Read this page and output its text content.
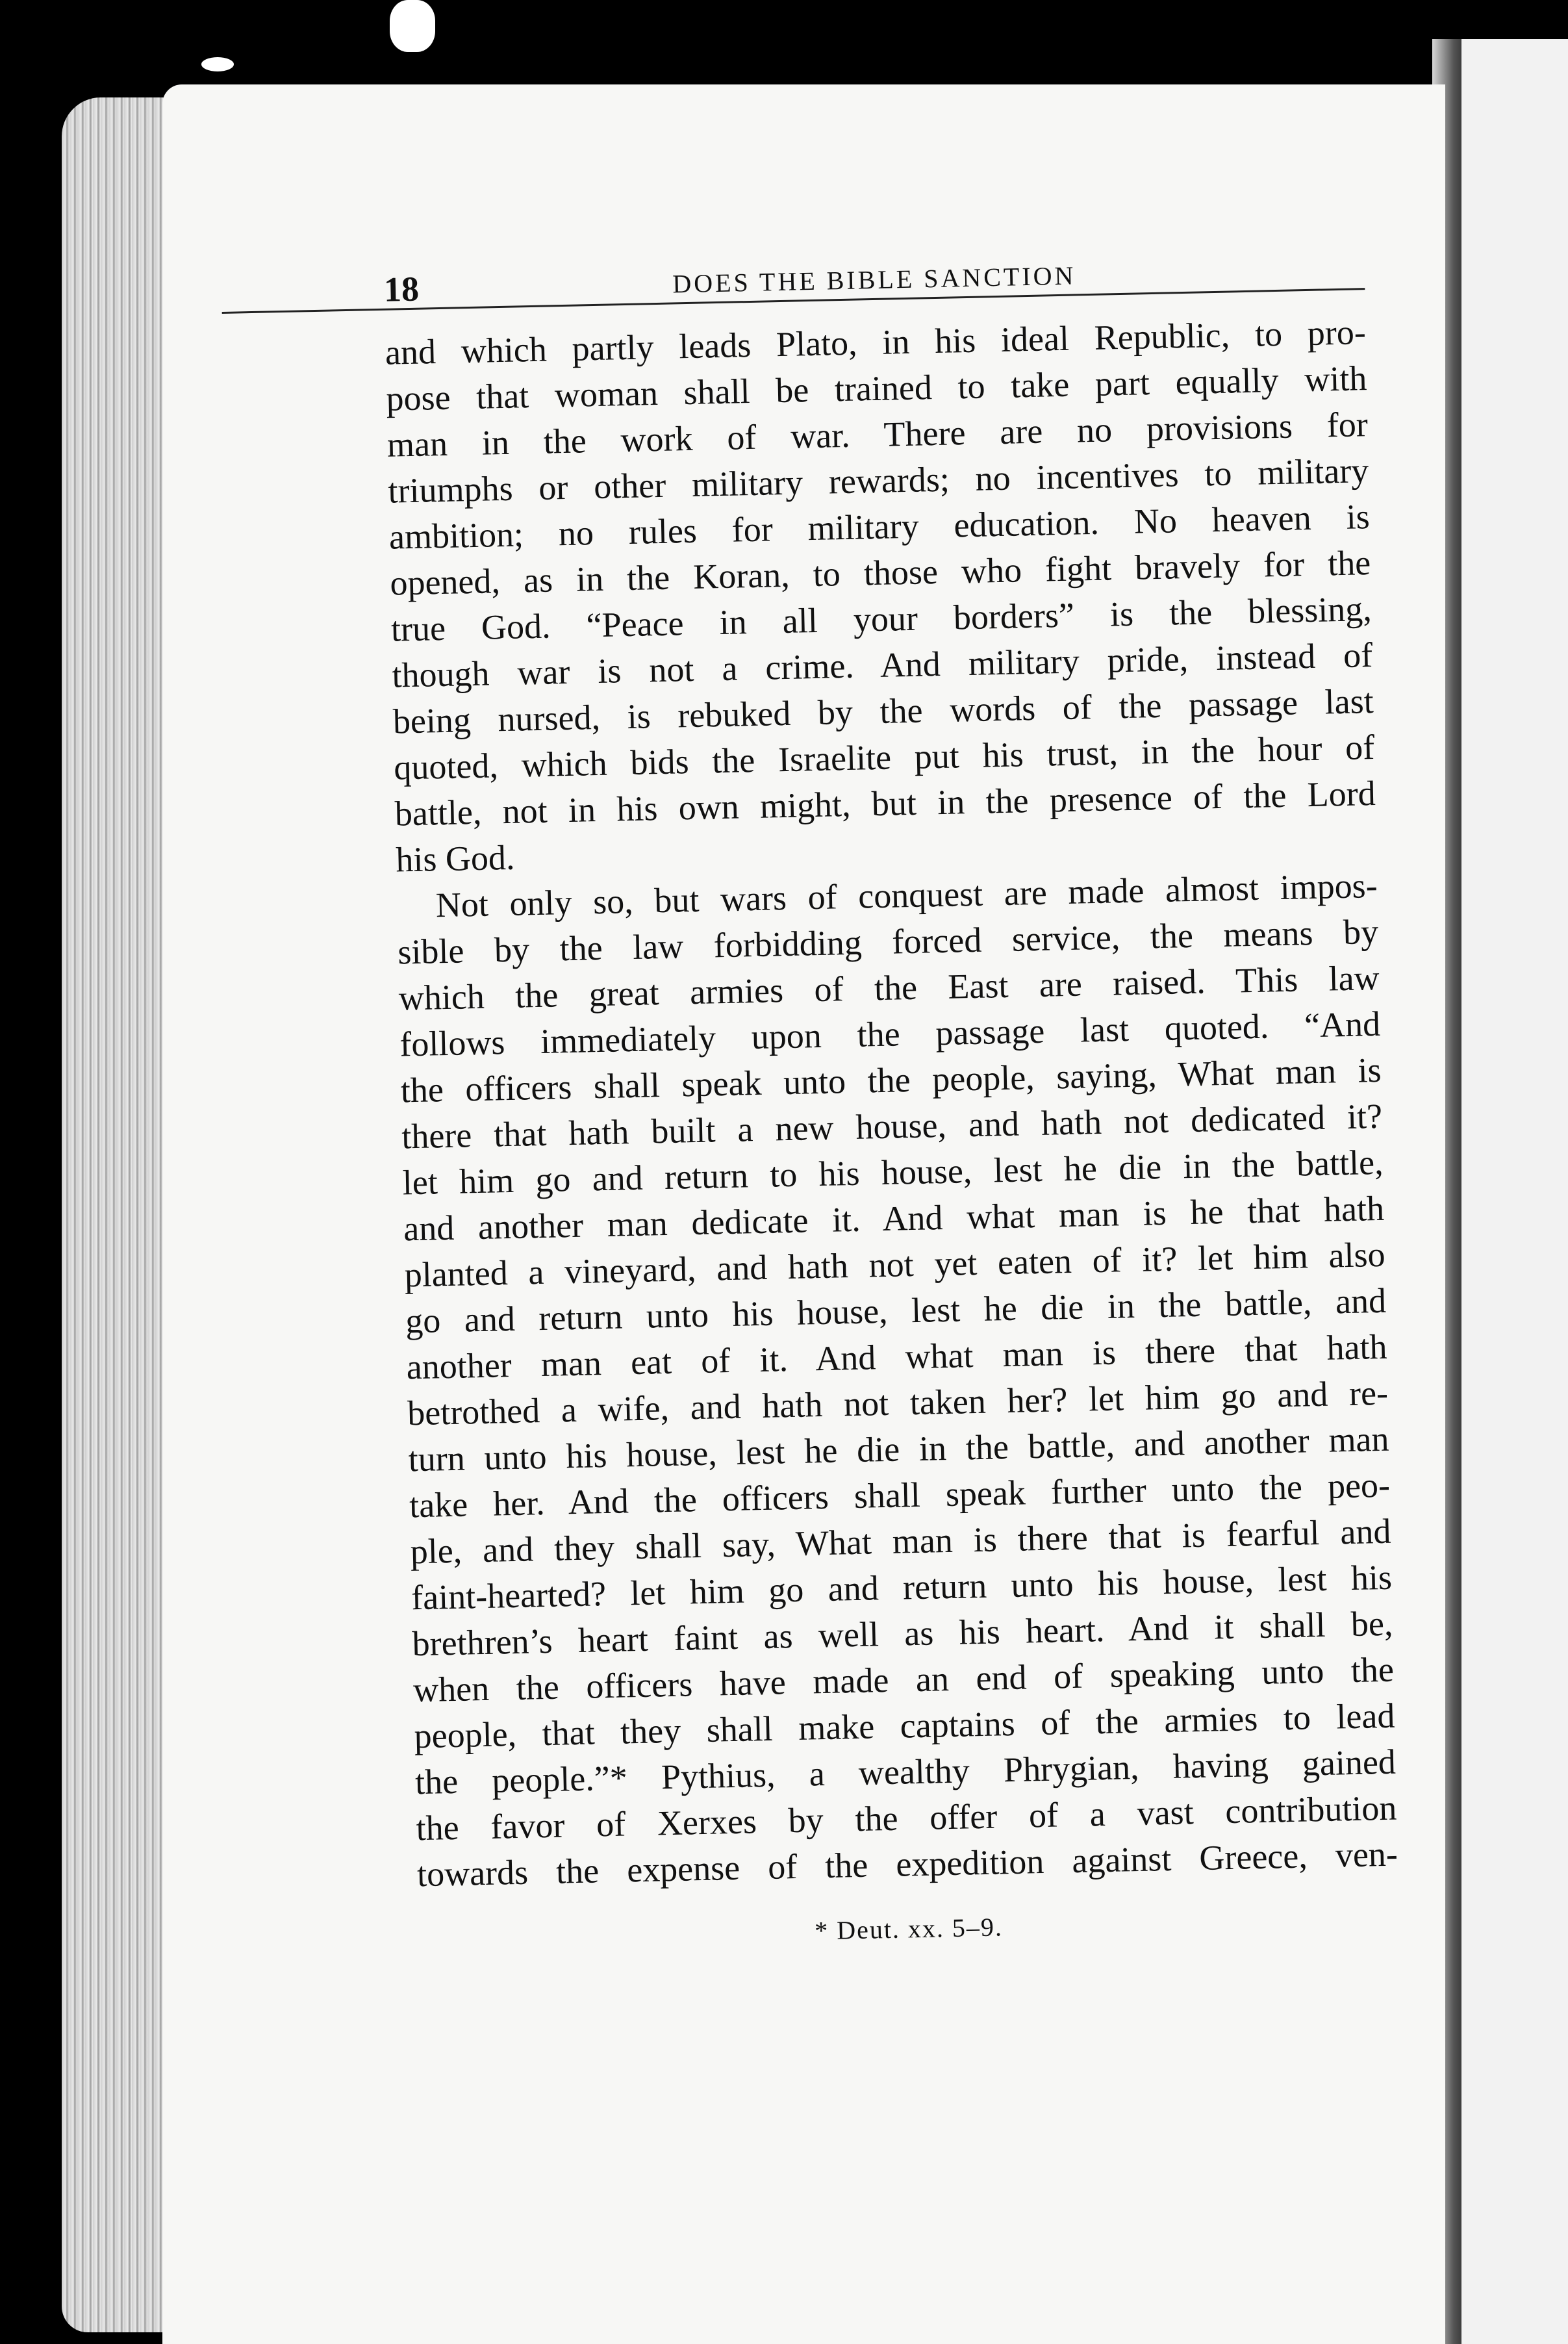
18	DOES THE BIBLE SANCTION
and which partly leads Plato, in his ideal Republic, to pro-
pose that woman shall be trained to take part equally with
man in the work of war. There are no provisions for
triumphs or other military rewards; no incentives to military
ambition; no rules for military education. No heaven is
opened, as in the Koran, to those who fight bravely for the
true God. “Peace in all your borders” is the blessing,
though war is not a crime. And military pride, instead of
being nursed, is rebuked by the words of the passage last
quoted, which bids the Israelite put his trust, in the hour of
battle, not in his own might, but in the presence of the Lord
his God.
Not only so, but wars of conquest are made almost impos-
sible by the law forbidding forced service, the means by
which the great armies of the East are raised. This law
follows immediately upon the passage last quoted. “And
the officers shall speak unto the people, saying, What man is
there that hath built a new house, and hath not dedicated it?
let him go and return to his house, lest he die in the battle,
and another man dedicate it. And what man is he that hath
planted a vineyard, and hath not yet eaten of it? let him also
go and return unto his house, lest he die in the battle, and
another man eat of it. And what man is there that hath
betrothed a wife, and hath not taken her? let him go and re-
turn unto his house, lest he die in the battle, and another man
take her. And the officers shall speak further unto the peo-
ple, and they shall say, What man is there that is fearful and
faint-hearted? let him go and return unto his house, lest his
brethren’s heart faint as well as his heart. And it shall be,
when the officers have made an end of speaking unto the
people, that they shall make captains of the armies to lead
the people.”* Pythius, a wealthy Phrygian, having gained
the favor of Xerxes by the offer of a vast contribution
towards the expense of the expedition against Greece, ven-
* Deut. xx. 5–9.
